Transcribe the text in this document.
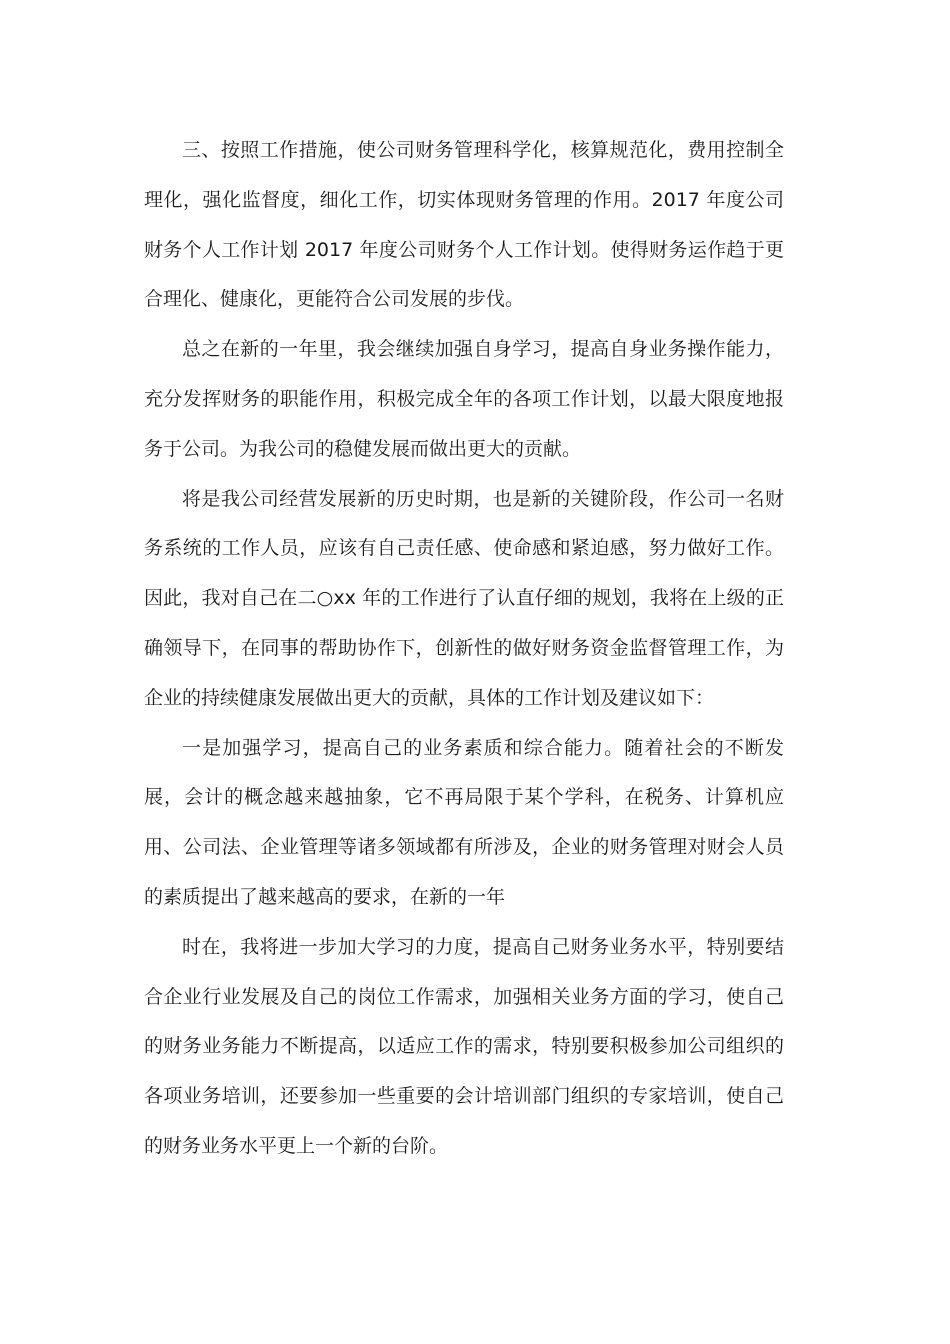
三、按照工作措施，使公司财务管理科学化，核算规范化，费用控制全理化，强化监督度，细化工作，切实体现财务管理的作用。2017 年度公司财务个人工作计划 2017 年度公司财务个人工作计划。使得财务运作趋于更合理化、健康化，更能符合公司发展的步伐。

总之在新的一年里，我会继续加强自身学习，提高自身业务操作能力，充分发挥财务的职能作用，积极完成全年的各项工作计划，以最大限度地报务于公司。为我公司的稳健发展而做出更大的贡献。

将是我公司经营发展新的历史时期，也是新的关键阶段，作公司一名财务系统的工作人员，应该有自己责任感、使命感和紧迫感，努力做好工作。因此，我对自己在二○xx 年的工作进行了认直仔细的规划，我将在上级的正确领导下，在同事的帮助协作下，创新性的做好财务资金监督管理工作，为企业的持续健康发展做出更大的贡献，具体的工作计划及建议如下：

一是加强学习，提高自己的业务素质和综合能力。随着社会的不断发展，会计的概念越来越抽象，它不再局限于某个学科，在税务、计算机应用、公司法、企业管理等诸多领域都有所涉及，企业的财务管理对财会人员的素质提出了越来越高的要求，在新的一年

时在，我将进一步加大学习的力度，提高自己财务业务水平，特别要结合企业行业发展及自己的岗位工作需求，加强相关业务方面的学习，使自己的财务业务能力不断提高，以适应工作的需求，特别要积极参加公司组织的各项业务培训，还要参加一些重要的会计培训部门组织的专家培训，使自己的财务业务水平更上一个新的台阶。
